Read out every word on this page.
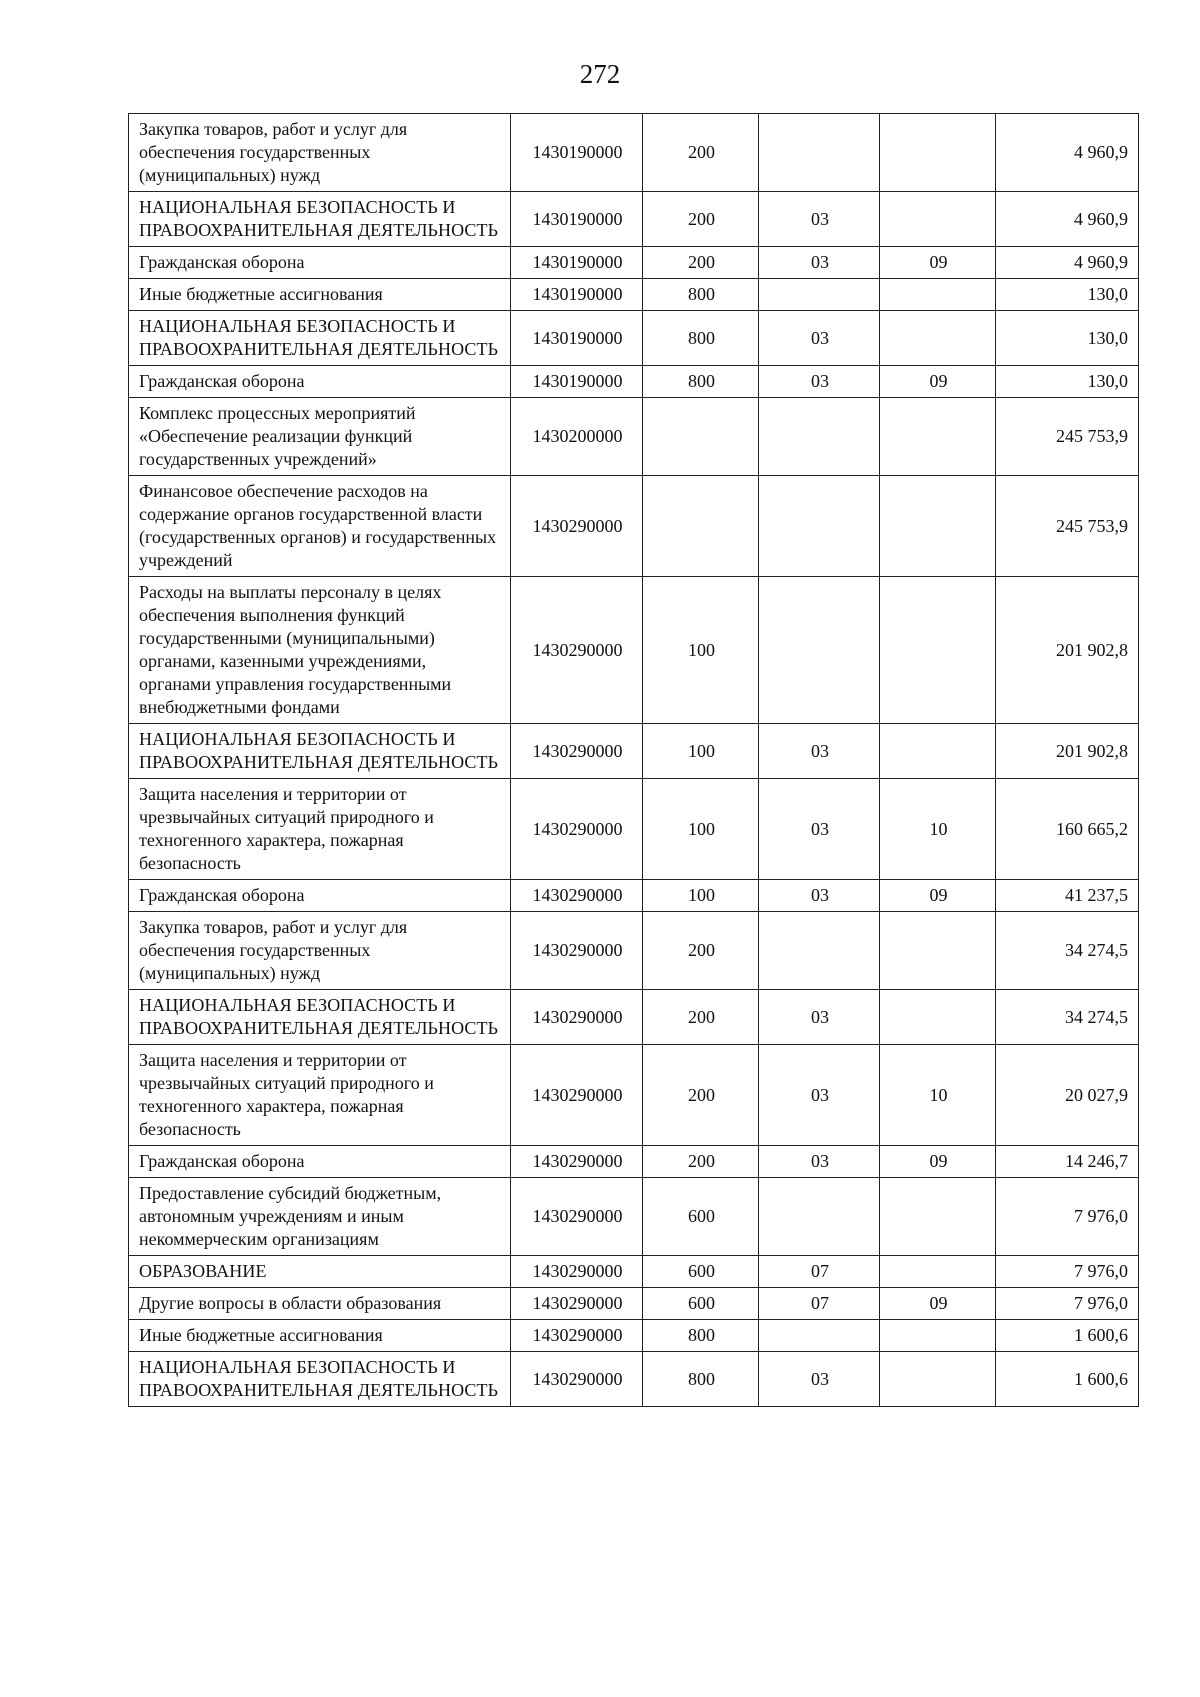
272
Закупка товаров, работ и услуг для обеспечения государственных (муниципальных) нужд	1430190000	200			4 960,9
НАЦИОНАЛЬНАЯ БЕЗОПАСНОСТЬ И ПРАВООХРАНИТЕЛЬНАЯ ДЕЯТЕЛЬНОСТЬ	1430190000	200	03		4 960,9
Гражданская оборона	1430190000	200	03	09	4 960,9
Иные бюджетные ассигнования	1430190000	800			130,0
НАЦИОНАЛЬНАЯ БЕЗОПАСНОСТЬ И ПРАВООХРАНИТЕЛЬНАЯ ДЕЯТЕЛЬНОСТЬ	1430190000	800	03		130,0
Гражданская оборона	1430190000	800	03	09	130,0
Комплекс процессных мероприятий «Обеспечение реализации функций государственных учреждений»	1430200000				245 753,9
Финансовое обеспечение расходов на содержание органов государственной власти (государственных органов) и государственных учреждений	1430290000				245 753,9
Расходы на выплаты персоналу в целях обеспечения выполнения функций государственными (муниципальными) органами, казенными учреждениями, органами управления государственными внебюджетными фондами	1430290000	100			201 902,8
НАЦИОНАЛЬНАЯ БЕЗОПАСНОСТЬ И ПРАВООХРАНИТЕЛЬНАЯ ДЕЯТЕЛЬНОСТЬ	1430290000	100	03		201 902,8
Защита населения и территории от чрезвычайных ситуаций природного и техногенного характера, пожарная безопасность	1430290000	100	03	10	160 665,2
Гражданская оборона	1430290000	100	03	09	41 237,5
Закупка товаров, работ и услуг для обеспечения государственных (муниципальных) нужд	1430290000	200			34 274,5
НАЦИОНАЛЬНАЯ БЕЗОПАСНОСТЬ И ПРАВООХРАНИТЕЛЬНАЯ ДЕЯТЕЛЬНОСТЬ	1430290000	200	03		34 274,5
Защита населения и территории от чрезвычайных ситуаций природного и техногенного характера, пожарная безопасность	1430290000	200	03	10	20 027,9
Гражданская оборона	1430290000	200	03	09	14 246,7
Предоставление субсидий бюджетным, автономным учреждениям и иным некоммерческим организациям	1430290000	600			7 976,0
ОБРАЗОВАНИЕ	1430290000	600	07		7 976,0
Другие вопросы в области образования	1430290000	600	07	09	7 976,0
Иные бюджетные ассигнования	1430290000	800			1 600,6
НАЦИОНАЛЬНАЯ БЕЗОПАСНОСТЬ И ПРАВООХРАНИТЕЛЬНАЯ ДЕЯТЕЛЬНОСТЬ	1430290000	800	03		1 600,6
